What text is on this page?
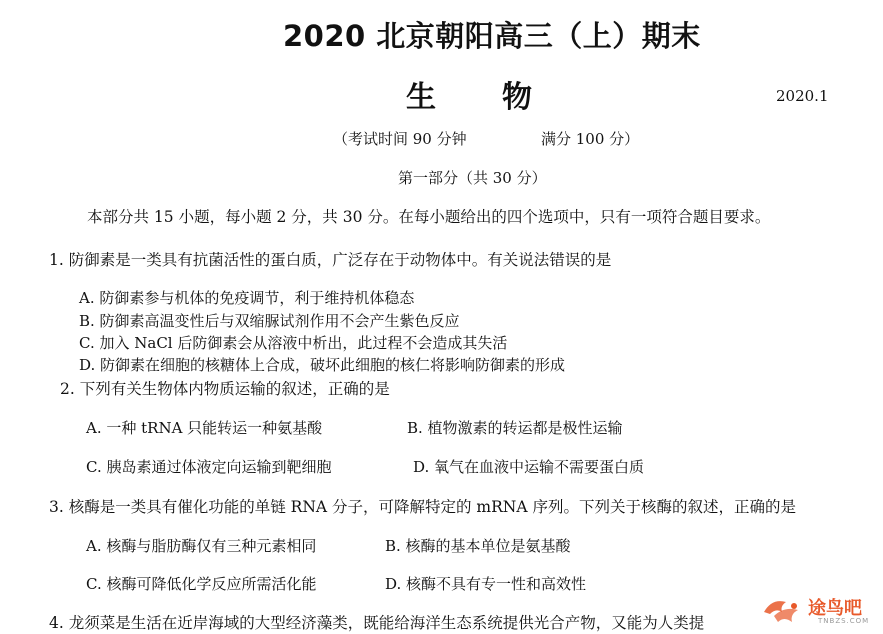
2020 北京朝阳高三（上）期末
生物	2020.1
（考试时间 90 分钟	满分 100 分）
第一部分（共 30 分）
本部分共 15 小题，每小题 2 分，共 30 分。在每小题给出的四个选项中，只有一项符合题目要求。
1. 防御素是一类具有抗菌活性的蛋白质，广泛存在于动物体中。有关说法错误的是
A. 防御素参与机体的免疫调节，利于维持机体稳态
B. 防御素高温变性后与双缩脲试剂作用不会产生紫色反应
C. 加入 NaCl 后防御素会从溶液中析出，此过程不会造成其失活
D. 防御素在细胞的核糖体上合成，破坏此细胞的核仁将影响防御素的形成
2. 下列有关生物体内物质运输的叙述，正确的是
A. 一种 tRNA 只能转运一种氨基酸	B. 植物激素的转运都是极性运输
C. 胰岛素通过体液定向运输到靶细胞	D. 氧气在血液中运输不需要蛋白质
3. 核酶是一类具有催化功能的单链 RNA 分子，可降解特定的 mRNA 序列。下列关于核酶的叙述，正确的是
A. 核酶与脂肪酶仅有三种元素相同	B. 核酶的基本单位是氨基酸
C. 核酶可降低化学反应所需活化能	D. 核酶不具有专一性和高效性
4. 龙须菜是生活在近岸海域的大型经济藻类，既能给海洋生态系统提供光合产物，又能为人类提
途鸟吧
TNBZS.COM
